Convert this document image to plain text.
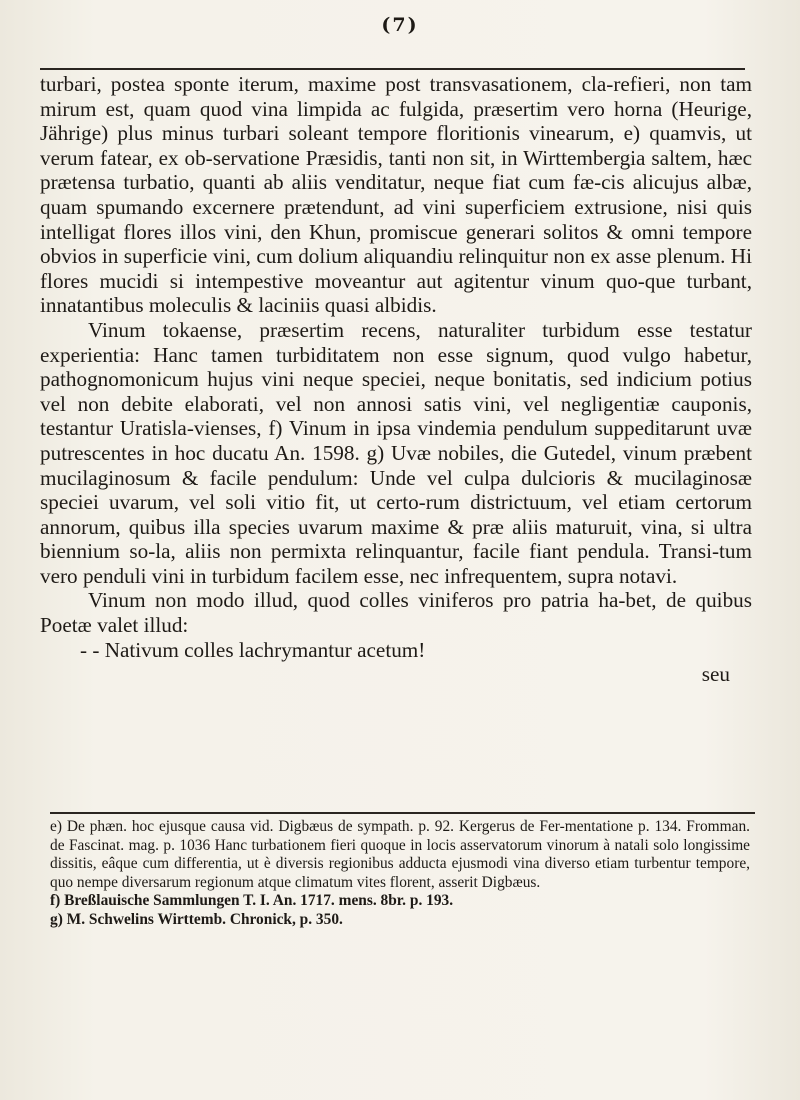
(7)

turbari, postea sponte iterum, maxime post transvasationem, cla-refieri, non tam mirum est, quam quod vina limpida ac fulgida, præsertim vero horna (Heurige, Jährige) plus minus turbari soleant tempore floritionis vinearum, e) quamvis, ut verum fatear, ex ob-servatione Præsidis, tanti non sit, in Wirttembergia saltem, hæc prætensa turbatio, quanti ab aliis venditatur, neque fiat cum fæ-cis alicujus albæ, quam spumando excernere prætendunt, ad vini superficiem extrusione, nisi quis intelligat flores illos vini, den Khun, promiscue generari solitos & omni tempore obvios in superficie vini, cum dolium aliquandiu relinquitur non ex asse plenum. Hi flores mucidi si intempestive moveantur aut agitentur vinum quo-que turbant, innatantibus moleculis & laciniis quasi albidis.

Vinum tokaense, præsertim recens, naturaliter turbidum esse testatur experientia: Hanc tamen turbiditatem non esse signum, quod vulgo habetur, pathognomonicum hujus vini neque speciei, neque bonitatis, sed indicium potius vel non debite elaborati, vel non annosi satis vini, vel negligentiæ cauponis, testantur Uratisla-vienses, f) Vinum in ipsa vindemia pendulum suppeditarunt uvæ putrescentes in hoc ducatu An. 1598. g) Uvæ nobiles, die Gutedel, vinum præbent mucilaginosum & facile pendulum: Unde vel culpa dulcioris & mucilaginosæ speciei uvarum, vel soli vitio fit, ut certo-rum districtuum, vel etiam certorum annorum, quibus illa species uvarum maxime & præ aliis maturuit, vina, si ultra biennium so-la, aliis non permixta relinquantur, facile fiant pendula. Transi-tum vero penduli vini in turbidum facilem esse, nec infrequentem, supra notavi.

Vinum non modo illud, quod colles viniferos pro patria ha-bet, de quibus Poetæ valet illud:

- - Nativum colles lachrymantur acetum!

seu

e) De phæn. hoc ejusque causa vid. Digbæus de sympath. p. 92. Kergerus de Fer-mentatione p. 134. Fromman. de Fascinat. mag. p. 1036 Hanc turbationem fieri quoque in locis asservatorum vinorum à natali solo longissime dissitis, eâque cum differentia, ut è diversis regionibus adducta ejusmodi vina diverso etiam turbentur tempore, quo nempe diversarum regionum atque climatum vites florent, asserit Digbæus.

f) Breßlauische Sammlungen T. I. An. 1717. mens. 8br. p. 193.

g) M. Schwelins Wirttemb. Chronick, p. 350.
